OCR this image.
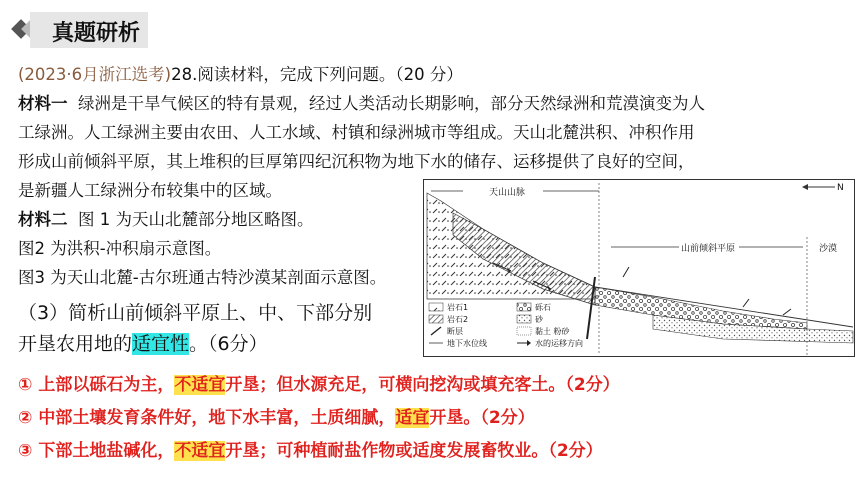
真题研析
(2023·6月浙江选考)28.阅读材料，完成下列问题。（20 分）
材料一 绿洲是干旱气候区的特有景观，经过人类活动长期影响，部分天然绿洲和荒漠演变为人
工绿洲。人工绿洲主要由农田、人工水域、村镇和绿洲城市等组成。天山北麓洪积、冲积作用
形成山前倾斜平原，其上堆积的巨厚第四纪沉积物为地下水的储存、运移提供了良好的空间，
是新疆人工绿洲分布较集中的区域。
材料二 图 1 为天山北麓部分地区略图。
图2 为洪积-冲积扇示意图。
图3 为天山北麓-古尔班通古特沙漠某剖面示意图。
（3）简析山前倾斜平原上、中、下部分别
开垦农用地的适宜性。（6分）
① 上部以砾石为主，不适宜开垦；但水源充足，可横向挖沟或填充客土。（2分）
② 中部土壤发育条件好，地下水丰富，土质细腻，适宜开垦。（2分）
③ 下部土地盐碱化，不适宜开垦；可种植耐盐作物或适度发展畜牧业。（2分）
天山山脉	N
山前倾斜平原	沙漠
岩石1
岩石2
断层
地下水位线
砾石
砂
黏土 粉砂
水的运移方向
